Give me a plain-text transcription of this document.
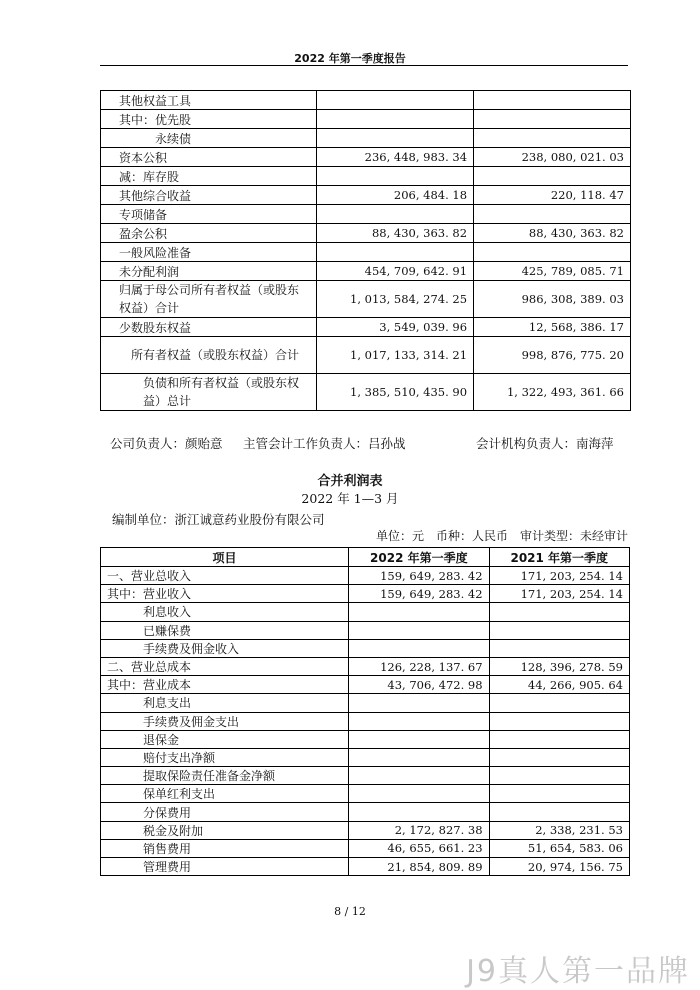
2022 年第一季度报告
其他权益工具		
其中：优先股		
永续债		
资本公积	236, 448, 983. 34	238, 080, 021. 03
减：库存股		
其他综合收益	206, 484. 18	220, 118. 47
专项储备		
盈余公积	88, 430, 363. 82	88, 430, 363. 82
一般风险准备		
未分配利润	454, 709, 642. 91	425, 789, 085. 71
归属于母公司所有者权益（或股东权益）合计	1, 013, 584, 274. 25	986, 308, 389. 03
少数股东权益	3, 549, 039. 96	12, 568, 386. 17
所有者权益（或股东权益）合计	1, 017, 133, 314. 21	998, 876, 775. 20
负债和所有者权益（或股东权益）总计	1, 385, 510, 435. 90	1, 322, 493, 361. 66
公司负责人：颜贻意 主管会计工作负责人：吕孙战	会计机构负责人：南海萍
合并利润表
2022 年 1—3 月
编制单位：浙江诚意药业股份有限公司
单位：元　币种：人民币　审计类型：未经审计
项目	2022 年第一季度	2021 年第一季度
一、营业总收入	159, 649, 283. 42	171, 203, 254. 14
其中：营业收入	159, 649, 283. 42	171, 203, 254. 14
利息收入		
已赚保费		
手续费及佣金收入		
二、营业总成本	126, 228, 137. 67	128, 396, 278. 59
其中：营业成本	43, 706, 472. 98	44, 266, 905. 64
利息支出		
手续费及佣金支出		
退保金		
赔付支出净额		
提取保险责任准备金净额		
保单红利支出		
分保费用		
税金及附加	2, 172, 827. 38	2, 338, 231. 53
销售费用	46, 655, 661. 23	51, 654, 583. 06
管理费用	21, 854, 809. 89	20, 974, 156. 75
8 / 12
J9真人第一品牌
